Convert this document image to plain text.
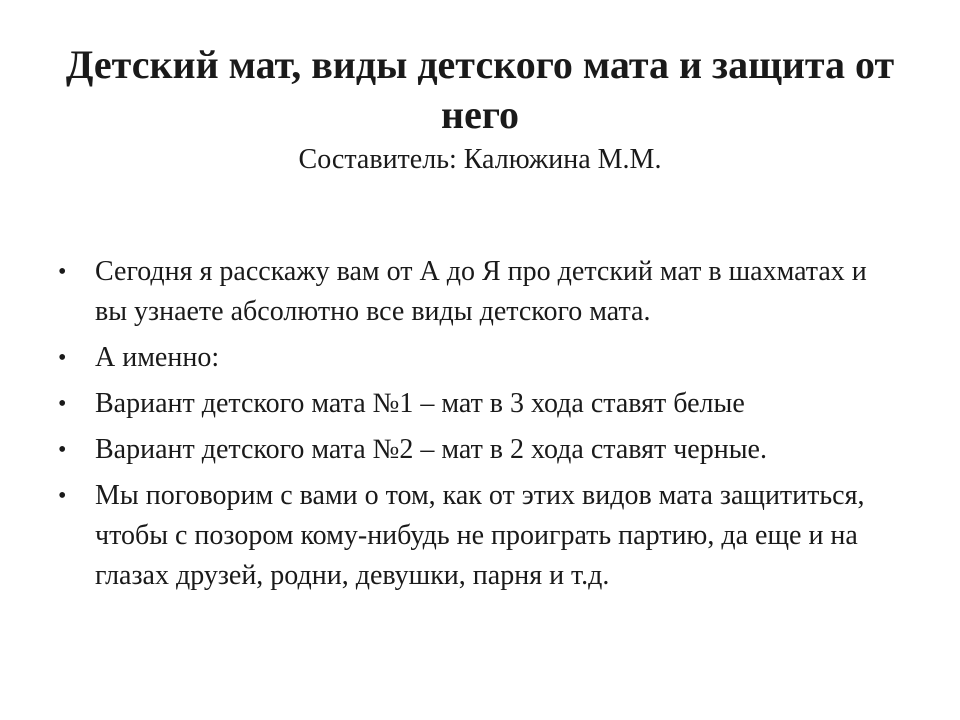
Детский мат, виды детского мата и защита от него

Составитель: Калюжина М.М.

•	Сегодня я расскажу вам от А до Я про детский мат в шахматах и вы узнаете абсолютно все виды детского мата.
•	А именно:
•	Вариант детского мата №1 – мат в 3 хода ставят белые
•	Вариант детского мата №2 – мат в 2 хода ставят черные.
•	Мы поговорим с вами о том, как от этих видов мата защититься, чтобы с позором кому-нибудь не проиграть партию, да еще и на глазах друзей, родни, девушки, парня и т.д.
